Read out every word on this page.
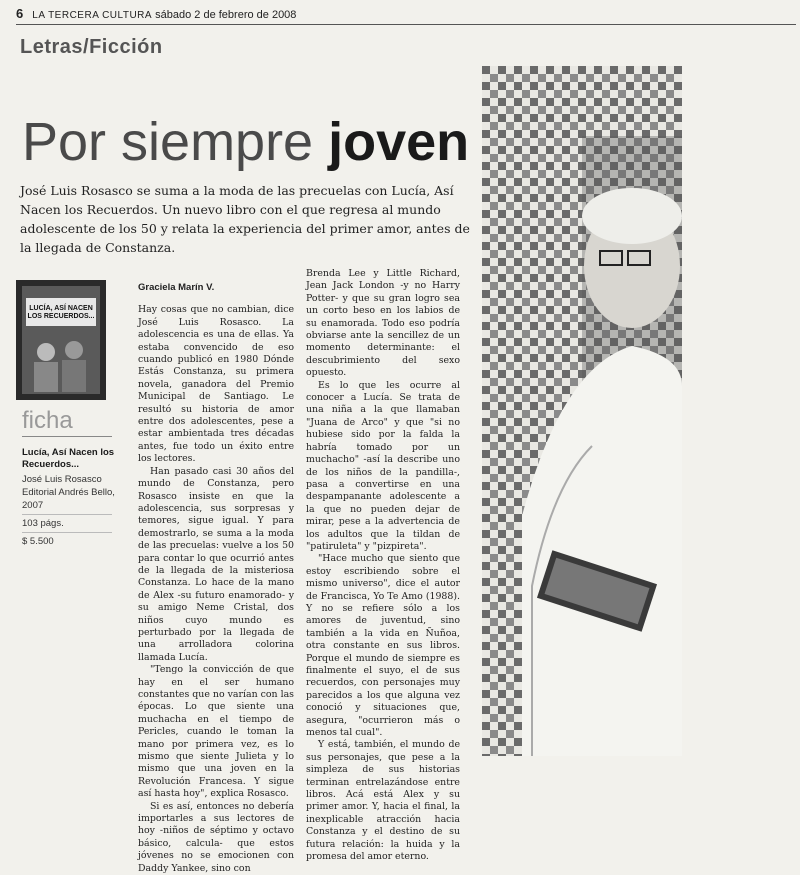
6 LA TERCERA CULTURA sábado 2 de febrero de 2008
Letras/Ficción
Por siempre joven
José Luis Rosasco se suma a la moda de las precuelas con Lucía, Así Nacen los Recuerdos. Un nuevo libro con el que regresa al mundo adolescente de los 50 y relata la experiencia del primer amor, antes de la llegada de Constanza.
LUCÍA, ASÍ NACEN LOS RECUERDOS...
ficha
Lucía, Así Nacen los Recuerdos...
José Luis Rosasco
Editorial Andrés Bello,
2007
103 págs.
$ 5.500
Graciela Marín V.

Hay cosas que no cambian, dice José Luis Rosasco. La adolescencia es una de ellas. Ya estaba convencido de eso cuando publicó en 1980 Dónde Estás Constanza, su primera novela, ganadora del Premio Municipal de Santiago. Le resultó su historia de amor entre dos adolescentes, pese a estar ambientada tres décadas antes, fue todo un éxito entre los lectores.

Han pasado casi 30 años del mundo de Constanza, pero Rosasco insiste en que la adolescencia, sus sorpresas y temores, sigue igual. Y para demostrarlo, se suma a la moda de las precuelas: vuelve a los 50 para contar lo que ocurrió antes de la llegada de la misteriosa Constanza. Lo hace de la mano de Alex -su futuro enamorado- y su amigo Neme Cristal, dos niños cuyo mundo es perturbado por la llegada de una arrolladora colorina llamada Lucía.

"Tengo la convicción de que hay en el ser humano constantes que no varían con las épocas. Lo que siente una muchacha en el tiempo de Pericles, cuando le toman la mano por primera vez, es lo mismo que siente Julieta y lo mismo que una joven en la Revolución Francesa. Y sigue así hasta hoy", explica Rosasco.

Si es así, entonces no debería importarles a sus lectores de hoy -niños de séptimo y octavo básico, calcula- que estos jóvenes no se emocionen con Daddy Yankee, sino con

Brenda Lee y Little Richard, Jean Jack London -y no Harry Potter- y que su gran logro sea un corto beso en los labios de su enamorada. Todo eso podría obviarse ante la sencillez de un momento determinante: el descubrimiento del sexo opuesto.

Es lo que les ocurre al conocer a Lucía. Se trata de una niña a la que llamaban "Juana de Arco" y que "si no hubiese sido por la falda la habría tomado por un muchacho" -así la describe uno de los niños de la pandilla-, pasa a convertirse en una despampanante adolescente a la que no pueden dejar de mirar, pese a la advertencia de los adultos que la tildan de "patiruleta" y "pizpireta".

"Hace mucho que siento que estoy escribiendo sobre el mismo universo", dice el autor de Francisca, Yo Te Amo (1988). Y no se refiere sólo a los amores de juventud, sino también a la vida en Ñuñoa, otra constante en sus libros. Porque el mundo de siempre es finalmente el suyo, el de sus recuerdos, con personajes muy parecidos a los que alguna vez conoció y situaciones que, asegura, "ocurrieron más o menos tal cual".

Y está, también, el mundo de sus personajes, que pese a la simpleza de sus historias terminan entrelazándose entre libros. Acá está Alex y su primer amor. Y, hacia el final, la inexplicable atracción hacia Constanza y el destino de su futura relación: la huida y la promesa del amor eterno.
